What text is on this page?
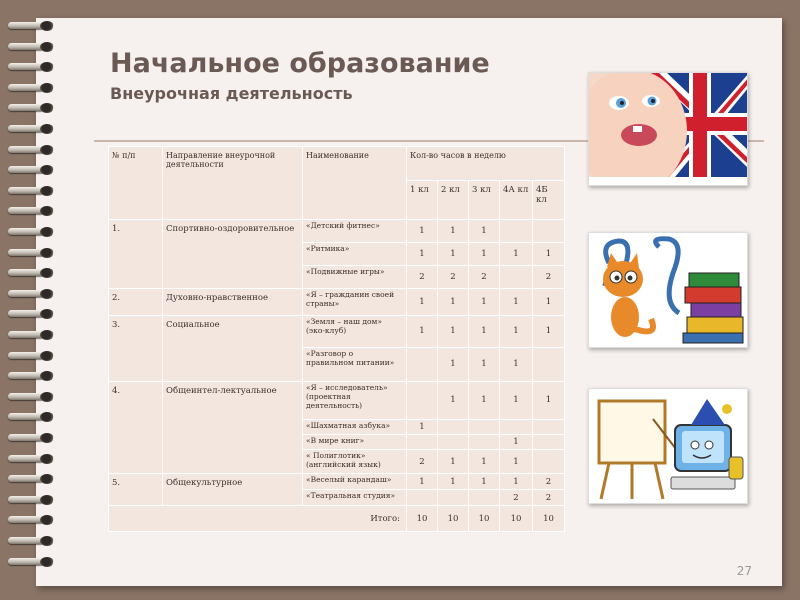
Начальное образование
Внеурочная деятельность
№ п/п	Направление внеурочной деятельности	Наименование	Кол-во часов в неделю				
			1 кл	2 кл	3 кл	4А кл	4Б кл
1.	Спортивно-оздоровительное	«Детский фитнес»	1	1	1		
		«Ритмика»	1	1	1	1	1
		«Подвижные игры»	2	2	2		2
2.	Духовно-нравственное	«Я – гражданин своей страны»	1	1	1	1	1
3.	Социальное	«Земля – наш дом» (эко-клуб)	1	1	1	1	1
		«Разговор о правильном питании»		1	1	1	
4.	Общеинтел-лектуальное	«Я – исследователь» (проектная деятельность)		1	1	1	1
		«Шахматная азбука»	1				
		«В мире книг»				1	
		« Полиглотик» (английский язык)	2	1	1	1	
5.	Общекультурное	«Веселый карандаш»	1	1	1	1	2
		«Театральная студия»				2	2
Итого:			10	10	10	10	10
27
